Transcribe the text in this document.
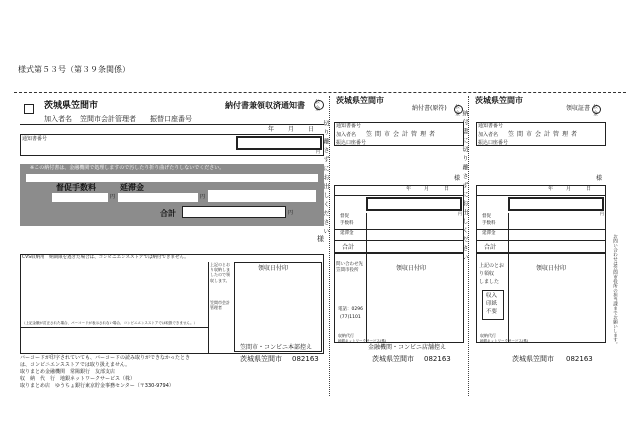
様式第５３号（第３９条関係）
茨城県笠間市	納付書兼領収済通知書 公金
加入者名 笠間市会計管理者 振替口座番号
年 月 日
通知書番号
円
※この納付書は、金融機関で処理しますので汚したり折り曲げたりしないでください。
督促手数料	延滞金
円	円
合計	円
CVS収納用　納期限を過ぎた場合は、コンビニエンスストアでは納付できません。
（上記金額が訂正された場合、バーコードが表示されない場合、コンビニエンスストアでは取扱できません。）
上記のとおり収納しましたので領収します。
笠間市会計管理者
領収日付印
笠間市・コンビニ本部控え
茨城県笠間市 082163
バーコードが印字されていても、バーコードの読み取りができなかったとき
は、コンビニエンスストアでは取り扱えません。
取りまとめ金融機関　常陽銀行　友部支店
収　納　代　行　地銀ネットワークサービス（株）
取りまとめ店　ゆうちょ銀行東京貯金事務センター（〒330-9794）
切り離さずにお出しください
様	納付書に切り離さずにお出しください
お問い合わせは笠間市役所の担当課までお願いします。
茨城県笠間市
納付書(原符) 公金
通知書番号
加入者名 笠間市会計管理者
振込口座番号
様
年	月	日
円
督促
手数料
延滞金
合計
問い合わせ先笠間市役所
電話：0296
(77)1101
収納代行
地銀ネットワークサービス(株)
領収日付印
金融機関・コンビニ店舗控え
茨城県笠間市 082163
茨城県笠間市
領収証書 公金
通知書番号
加入者名 笠間市会計管理者
振込口座番号
様
年	月	日
円
督促
手数料
延滞金
合計
上記のとお
り領収
しました
収入
印紙
不要
収納代行
地銀ネットワークサービス(株)
領収日付印
茨城県笠間市 082163
